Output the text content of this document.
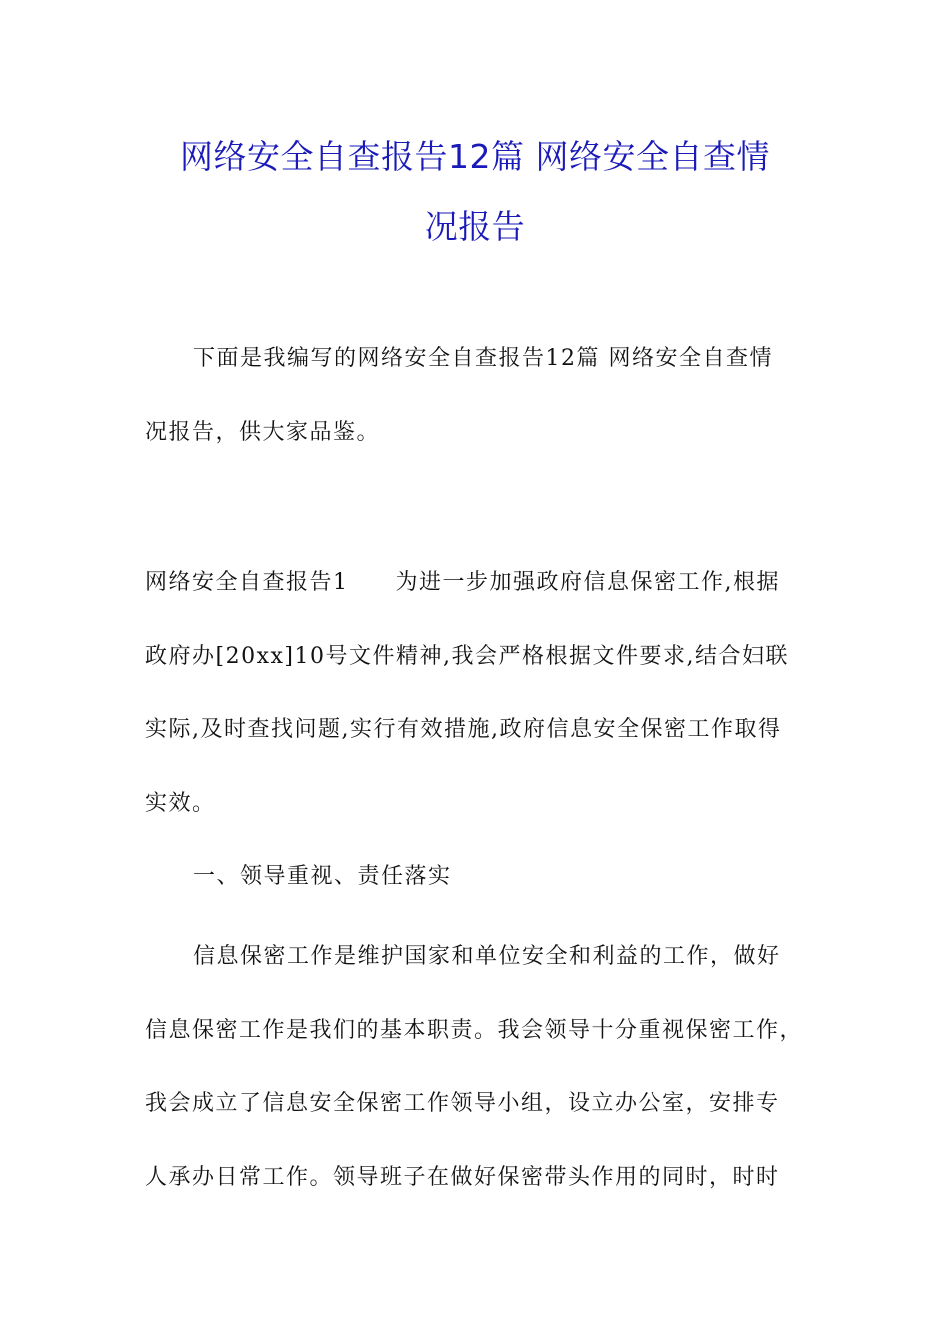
网络安全自查报告12篇 网络安全自查情
况报告

下面是我编写的网络安全自查报告12篇 网络安全自查情
况报告，供大家品鉴。

网络安全自查报告1　　为进一步加强政府信息保密工作,根据
政府办[20xx]10号文件精神,我会严格根据文件要求,结合妇联
实际,及时查找问题,实行有效措施,政府信息安全保密工作取得
实效。

一、领导重视、责任落实

信息保密工作是维护国家和单位安全和利益的工作，做好
信息保密工作是我们的基本职责。我会领导十分重视保密工作，
我会成立了信息安全保密工作领导小组，设立办公室，安排专
人承办日常工作。领导班子在做好保密带头作用的同时，时时
